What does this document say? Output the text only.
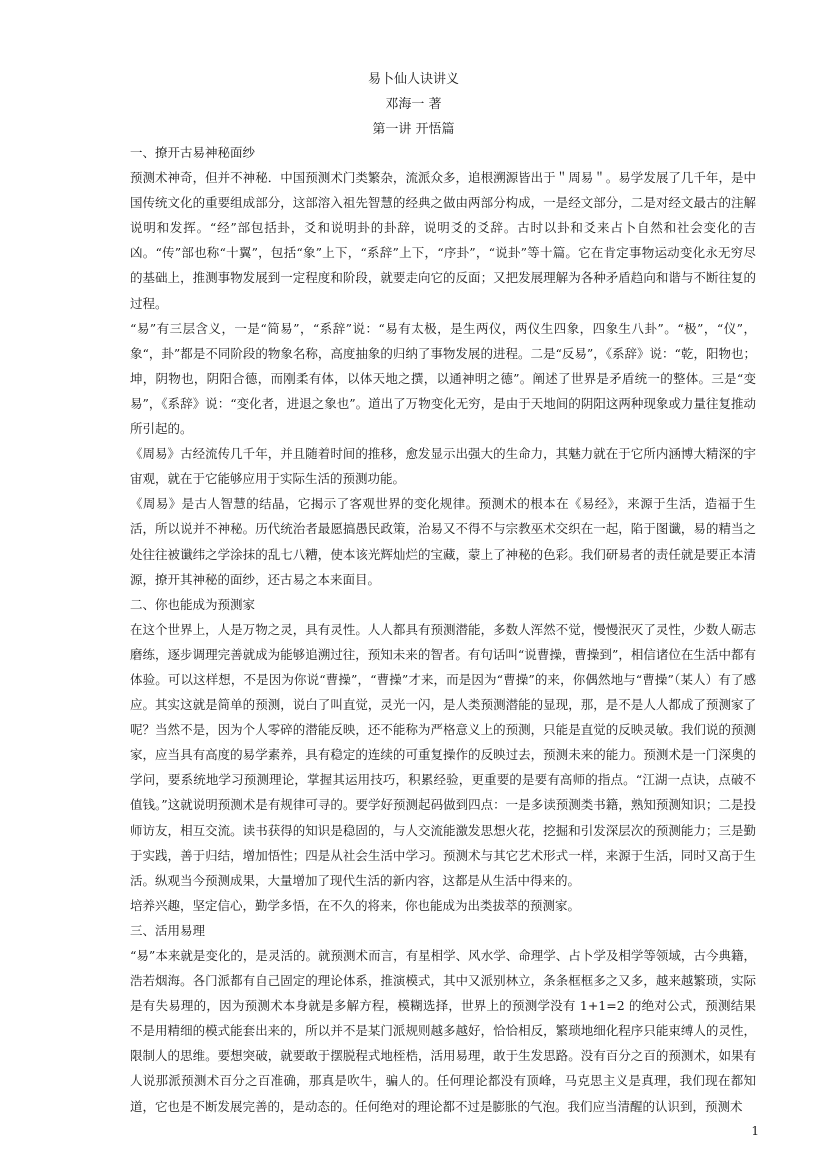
易卜仙人诀讲义
邓海一 著
第一讲 开悟篇
一、撩开古易神秘面纱

预测术神奇，但并不神秘．中国预测术门类繁杂，流派众多，追根溯源皆出于＂周易＂。易学发展了几千年，是中国传统文化的重要组成部分，这部溶入祖先智慧的经典之做由两部分构成，一是经文部分，二是对经文最古的注解说明和发挥。“经”部包括卦，爻和说明卦的卦辞，说明爻的爻辞。古时以卦和爻来占卜自然和社会变化的吉凶。“传”部也称“十翼”，包括“象”上下，“系辞”上下，“序卦”，“说卦”等十篇。它在肯定事物运动变化永无穷尽的基础上，推测事物发展到一定程度和阶段，就要走向它的反面；又把发展理解为各种矛盾趋向和谐与不断往复的过程。

“易”有三层含义，一是“简易”，“系辞”说：“易有太极，是生两仪，两仪生四象，四象生八卦”。“极”，“仪”，象“，卦”都是不同阶段的物象名称，高度抽象的归纳了事物发展的进程。二是“反易”，《系辞》说：“乾，阳物也；坤，阴物也，阴阳合德，而刚柔有体，以体天地之撰，以通神明之德”。阐述了世界是矛盾统一的整体。三是“变易”，《系辞》说：“变化者，进退之象也”。道出了万物变化无穷，是由于天地间的阴阳这两种现象或力量往复推动所引起的。

《周易》古经流传几千年，并且随着时间的推移，愈发显示出强大的生命力，其魅力就在于它所内涵博大精深的宇宙观，就在于它能够应用于实际生活的预测功能。

《周易》是古人智慧的结晶，它揭示了客观世界的变化规律。预测术的根本在《易经》，来源于生活，造福于生活，所以说并不神秘。历代统治者最愿搞愚民政策，治易又不得不与宗教巫术交织在一起，陷于图谶，易的精当之处往往被谶纬之学涂抹的乱七八糟，使本该光辉灿烂的宝藏，蒙上了神秘的色彩。我们研易者的责任就是要正本清源，撩开其神秘的面纱，还古易之本来面目。

二、你也能成为预测家

在这个世界上，人是万物之灵，具有灵性。人人都具有预测潜能，多数人浑然不觉，慢慢泯灭了灵性，少数人砺志磨练，逐步调理完善就成为能够追溯过往，预知未来的智者。有句话叫“说曹操，曹操到”，相信诸位在生活中都有体验。可以这样想，不是因为你说“曹操”，“曹操”才来，而是因为“曹操”的来，你偶然地与“曹操”（某人）有了感应。其实这就是简单的预测，说白了叫直觉，灵光一闪，是人类预测潜能的显现，那，是不是人人都成了预测家了呢？当然不是，因为个人零碎的潜能反映，还不能称为严格意义上的预测，只能是直觉的反映灵敏。我们说的预测家，应当具有高度的易学素养，具有稳定的连续的可重复操作的反映过去，预测未来的能力。预测术是一门深奥的学问，要系统地学习预测理论，掌握其运用技巧，积累经验，更重要的是要有高师的指点。“江湖一点诀，点破不值钱。”这就说明预测术是有规律可寻的。要学好预测起码做到四点：一是多读预测类书籍，熟知预测知识；二是投师访友，相互交流。读书获得的知识是稳固的，与人交流能激发思想火花，挖掘和引发深层次的预测能力；三是勤于实践，善于归结，增加悟性；四是从社会生活中学习。预测术与其它艺术形式一样，来源于生活，同时又高于生活。纵观当今预测成果，大量增加了现代生活的新内容，这都是从生活中得来的。

培养兴趣，坚定信心，勤学多悟，在不久的将来，你也能成为出类拔萃的预测家。

三、活用易理

“易”本来就是变化的，是灵活的。就预测术而言，有星相学、风水学、命理学、占卜学及相学等领域，古今典籍，浩若烟海。各门派都有自己固定的理论体系，推演模式，其中又派别林立，条条框框多之又多，越来越繁琐，实际是有失易理的，因为预测术本身就是多解方程，模糊选择，世界上的预测学没有 1+1=2 的绝对公式，预测结果不是用精细的模式能套出来的，所以并不是某门派规则越多越好，恰恰相反，繁琐地细化程序只能束缚人的灵性，限制人的思维。要想突破，就要敢于摆脱程式地桎梏，活用易理，敢于生发思路。没有百分之百的预测术，如果有人说那派预测术百分之百准确，那真是吹牛，骗人的。任何理论都没有顶峰，马克思主义是真理，我们现在都知道，它也是不断发展完善的，是动态的。任何绝对的理论都不过是膨胀的气泡。我们应当清醒的认识到，预测术

1
